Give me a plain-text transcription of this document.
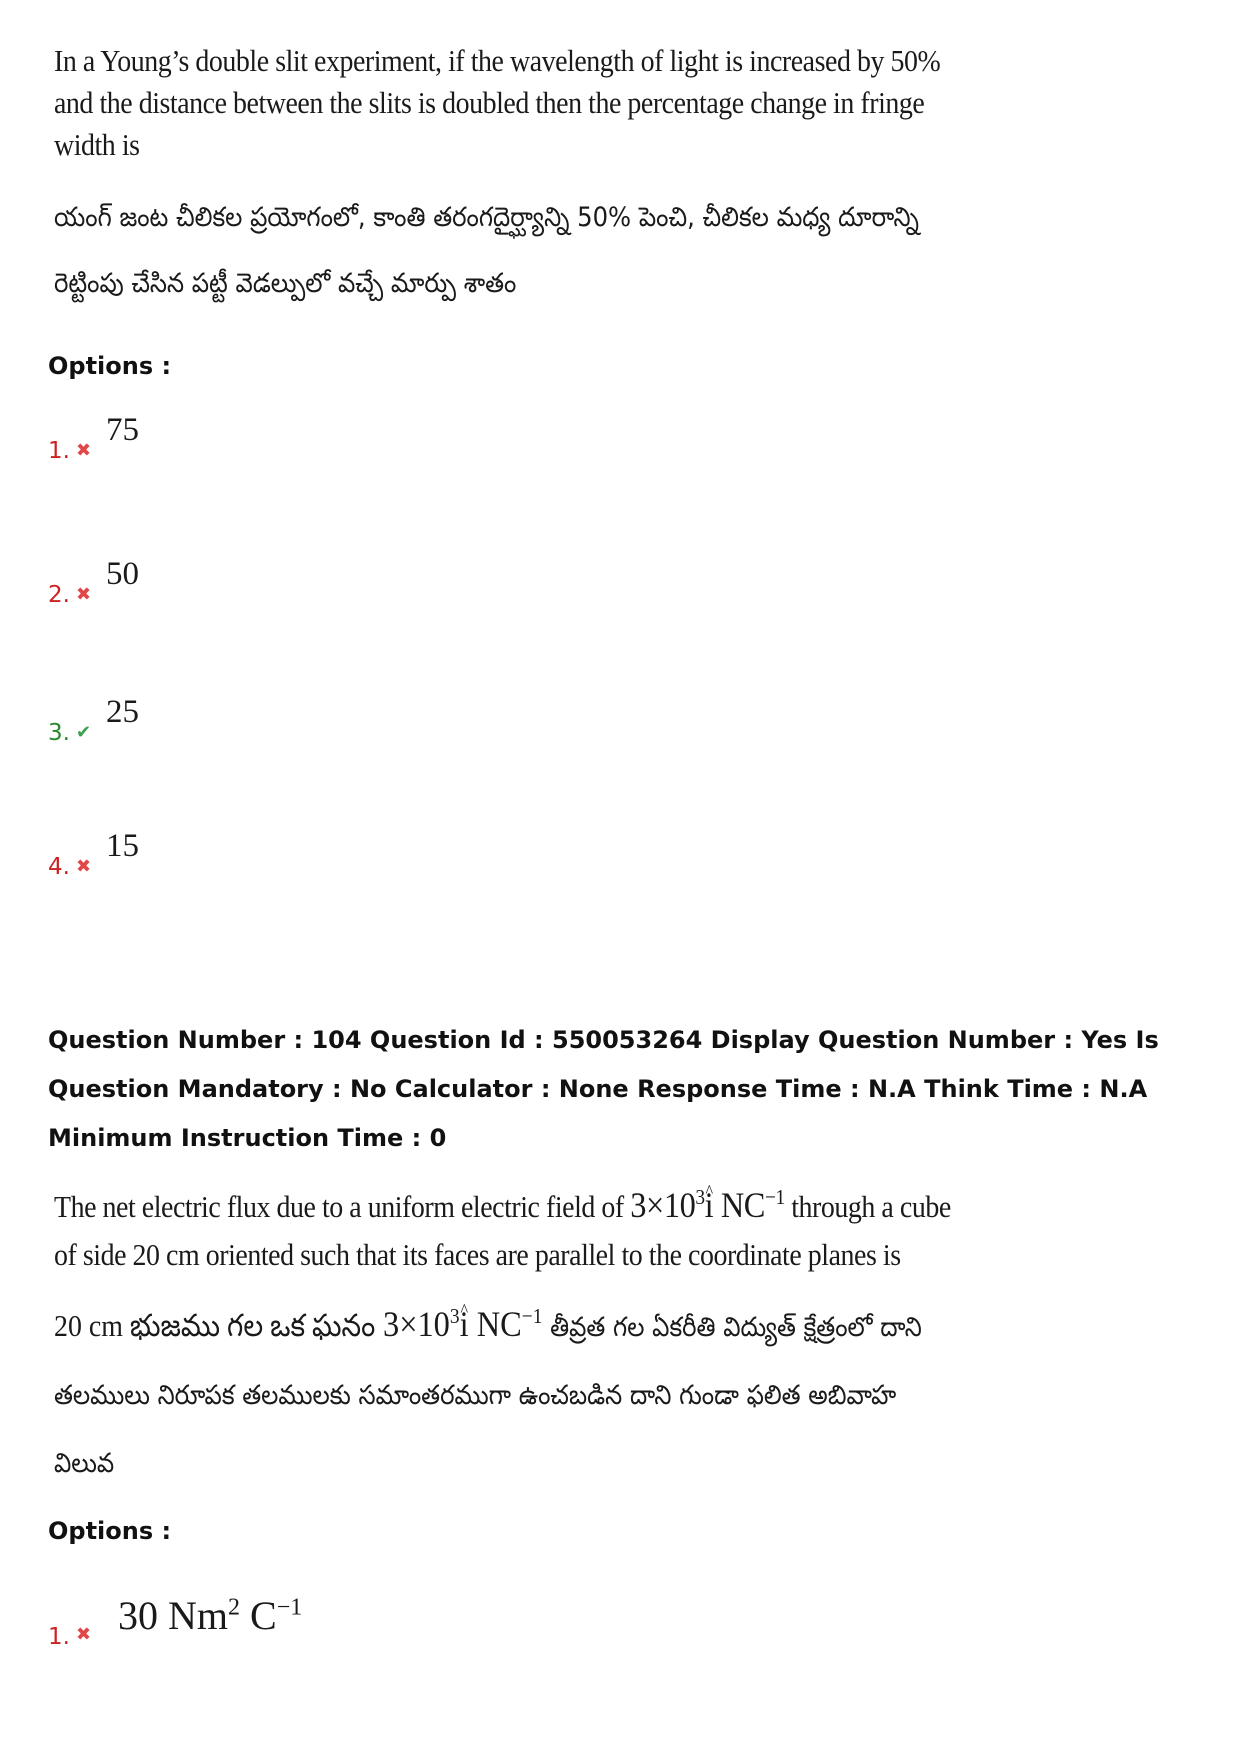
In a Young’s double slit experiment, if the wavelength of light is increased by 50%
and the distance between the slits is doubled then the percentage change in fringe
width is
యంగ్ జంట చీలికల ప్రయోగంలో, కాంతి తరంగదైర్ఘ్యాన్ని 50% పెంచి, చీలికల మధ్య దూరాన్ని
రెట్టింపు చేసిన పట్టీ వెడల్పులో వచ్చే మార్పు శాతం
Options :
1. ✖
75
2. ✖
50
3. ✔
25
4. ✖
15
Question Number : 104 Question Id : 550053264 Display Question Number : Yes Is Question Mandatory : No Calculator : None Response Time : N.A Think Time : N.A Minimum Instruction Time : 0
The net electric flux due to a uniform electric field of $3\times 10^3\^{}$ i $NC^{-1}$ through a cube
of side 20 cm oriented such that its faces are parallel to the coordinate planes is
20 cm భుజము గల ఒక ఘనం $3\times 10^3\^{}$ i $NC^{-1}$ తీవ్రత గల ఏకరీతి విద్యుత్ క్షేత్రంలో దాని
తలములు నిరూపక తలములకు సమాంతరముగా ఉంచబడిన దాని గుండా ఫలిత అబివాహ
విలువ
Options :
1. ✖ 30 Nm$^2$ $C^{-1}$
